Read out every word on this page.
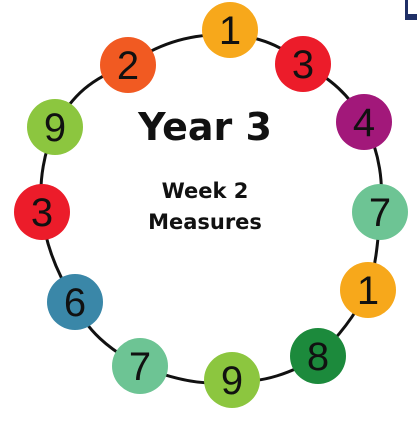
1
3
4
7
1
8
9
7
6
3
9
2
Year 3
Week 2
Measures
